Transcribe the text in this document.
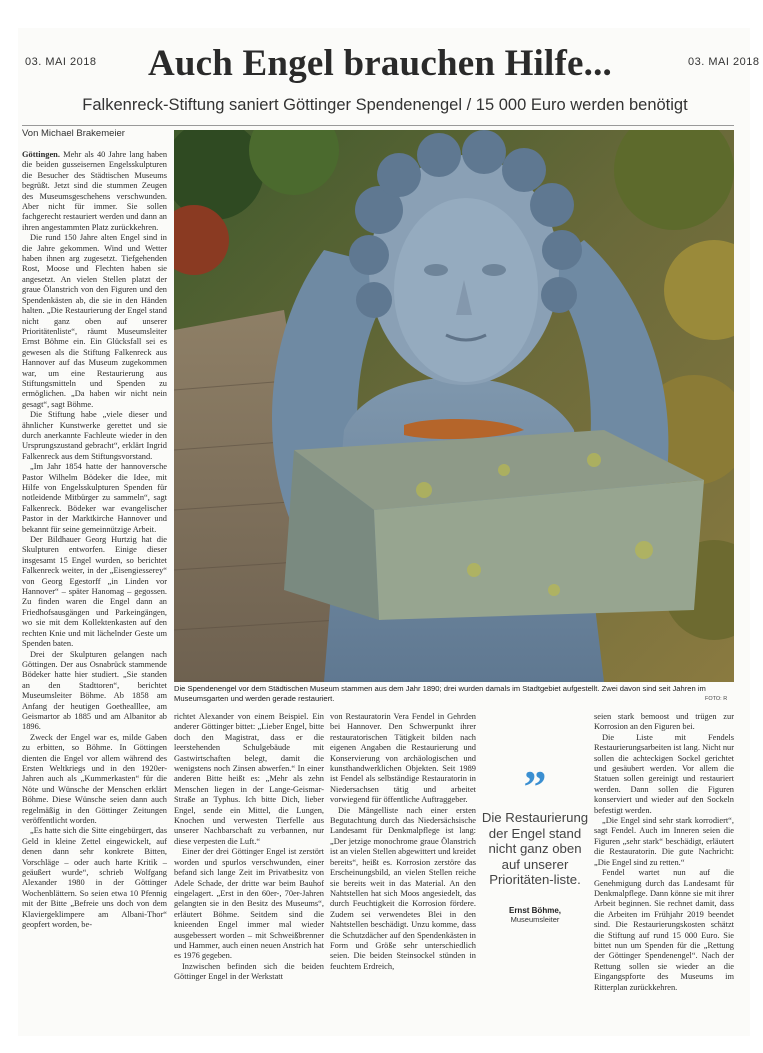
03. MAI 2018	03. MAI 2018
Auch Engel brauchen Hilfe...
Falkenreck-Stiftung saniert Göttinger Spendenengel / 15 000 Euro werden benötigt
Von Michael Brakemeier

Göttingen. Mehr als 40 Jahre lang haben die beiden gusseisernen Engelsskulpturen die Besucher des Städtischen Museums begrüßt. Jetzt sind die stummen Zeugen des Museumsgeschehens verschwunden. Aber nicht für immer. Sie sollen fachgerecht restauriert werden und dann an ihren angestammten Platz zurückkehren.

Die rund 150 Jahre alten Engel sind in die Jahre gekommen. Wind und Wetter haben ihnen arg zugesetzt. Tiefgehenden Rost, Moose und Flechten haben sie angesetzt. An vielen Stellen platzt der graue Ölanstrich von den Figuren und den Spendenkästen ab, die sie in den Händen halten. „Die Restaurierung der Engel stand nicht ganz oben auf unserer Prioritätenliste“, räumt Museumsleiter Ernst Böhme ein. Ein Glücksfall sei es gewesen als die Stiftung Falkenreck aus Hannover auf das Museum zugekommen war, um eine Restaurierung aus Stiftungsmitteln und Spenden zu ermöglichen. „Da haben wir nicht nein gesagt“, sagt Böhme.

Die Stiftung habe „viele dieser und ähnlicher Kunstwerke gerettet und sie durch anerkannte Fachleute wieder in den Ursprungszustand gebracht“, erklärt Ingrid Falkenreck aus dem Stiftungsvorstand.

„Im Jahr 1854 hatte der hannoversche Pastor Wilhelm Bödeker die Idee, mit Hilfe von Engelsskulpturen Spenden für notleidende Mitbürger zu sammeln“, sagt Falkenreck. Bödeker war evangelischer Pastor in der Marktkirche Hannover und bekannt für seine gemeinnützige Arbeit.

Der Bildhauer Georg Hurtzig hat die Skulpturen entworfen. Einige dieser insgesamt 15 Engel wurden, so berichtet Falkenreck weiter, in der „Eisengiesserey“ von Georg Egestorff „in Linden vor Hannover“ – später Hanomag – gegossen. Zu finden waren die Engel dann an Friedhofsausgängen und Parkeingängen, wo sie mit dem Kollektenkasten auf den rechten Knie und mit lächelnder Geste um Spenden baten.

Drei der Skulpturen gelangen nach Göttingen. Der aus Osnabrück stammende Bödeker hatte hier studiert. „Sie standen an den Stadttoren“, berichtet Museumsleiter Böhme. Ab 1858 am Anfang der heutigen Goethealllee, am Geismartor ab 1885 und am Albanitor ab 1896.

Zweck der Engel war es, milde Gaben zu erbitten, so Böhme. In Göttingen dienten die Engel vor allem während des Ersten Weltkriegs und in den 1920er-Jahren auch als „Kummerkasten“ für die Nöte und Wünsche der Menschen erklärt Böhme. Diese Wünsche seien dann auch regelmäßig in den Göttinger Zeitungen veröffentlicht worden.

„Es hatte sich die Sitte eingebürgert, das Geld in kleine Zettel eingewickelt, auf denen dann sehr konkrete Bitten, Vorschläge – oder auch harte Kritik – geäußert wurde“, schrieb Wolfgang Alexander 1980 in der Göttinger Wochenblättern. So seien etwa 10 Pfennig mit der Bitte „Befreie uns doch von dem Klaviergeklimpere am Albani-Thor“ geopfert worden, be-

Die Spendenengel vor dem Städtischen Museum stammen aus dem Jahr 1890; drei wurden damals im Stadtgebiet aufgestellt. Zwei davon sind seit Jahren im Museumsgarten und werden gerade restauriert.	FOTO: R

richtet Alexander von einem Beispiel. Ein anderer Göttinger bittet: „Lieber Engel, bitte doch den Magistrat, dass er die leerstehenden Schulgebäude mit Gastwirtschaften belegt, damit die wenigstens noch Zinsen abwerfen.“ In einer anderen Bitte heißt es: „Mehr als zehn Menschen liegen in der Lange-Geismar-Straße an Typhus. Ich bitte Dich, lieber Engel, sende ein Mittel, die Lungen, Knochen und verwesten Tierfelle aus unserer Nachbarschaft zu verbannen, nur diese verpesten die Luft.“

Einer der drei Göttinger Engel ist zerstört worden und spurlos verschwunden, einer befand sich lange Zeit im Privatbesitz von Adele Schade, der dritte war beim Bauhof eingelagert. „Erst in den 60er-, 70er-Jahren gelangten sie in den Besitz des Museums“, erläutert Böhme. Seitdem sind die knieenden Engel immer mal wieder ausgebessert worden – mit Schweißbrenner und Hammer, auch einen neuen Anstrich hat es 1976 gegeben.

Inzwischen befinden sich die beiden Göttinger Engel in der Werkstatt

von Restauratorin Vera Fendel in Gehrden bei Hannover. Den Schwerpunkt ihrer restauratorischen Tätigkeit bilden nach eigenen Angaben die Restaurierung und Konservierung von archäologischen und kunsthandwerklichen Objekten. Seit 1989 ist Fendel als selbständige Restauratorin in Niedersachsen tätig und arbeitet vorwiegend für öffentliche Auftraggeber.

Die Mängelliste nach einer ersten Begutachtung durch das Niedersächsische Landesamt für Denkmalpflege ist lang: „Der jetzige monochrome graue Ölanstrich ist an vielen Stellen abgewittert und kreidet bereits“, heißt es. Korrosion zerstöre das Erscheinungsbild, an vielen Stellen reiche sie bereits weit in das Material. An den Nahtstellen hat sich Moos angesiedelt, das durch Feuchtigkeit die Korrosion fördere. Zudem sei verwendetes Blei in den Nahtstellen beschädigt. Unzu komme, dass die Schutzdächer auf den Spendenkästen in Form und Größe sehr unterschiedlich seien. Die beiden Steinsockel stünden in feuchtem Erdreich,

”
Die Restaurierung der Engel stand nicht ganz oben auf unserer Prioritäten-liste.
Ernst Böhme,
Museumsleiter

seien stark bemoost und trügen zur Korrosion an den Figuren bei.

Die Liste mit Fendels Restaurierungsarbeiten ist lang. Nicht nur sollen die achteckigen Sockel gerichtet und gesäubert werden. Vor allem die Statuen sollen gereinigt und restauriert werden. Dann sollen die Figuren konserviert und wieder auf den Sockeln befestigt werden.

„Die Engel sind sehr stark korrodiert“, sagt Fendel. Auch im Inneren seien die Figuren „sehr stark“ beschädigt, erläutert die Restauratorin. Die gute Nachricht: „Die Engel sind zu retten.“

Fendel wartet nun auf die Genehmigung durch das Landesamt für Denkmalpflege. Dann könne sie mit ihrer Arbeit beginnen. Sie rechnet damit, dass die Arbeiten im Frühjahr 2019 beendet sind. Die Restaurierungskosten schätzt die Stiftung auf rund 15 000 Euro. Sie bittet nun um Spenden für die „Rettung der Göttinger Spendenengel“. Nach der Rettung sollen sie wieder an die Eingangspforte des Museums im Ritterplan zurückkehren.
